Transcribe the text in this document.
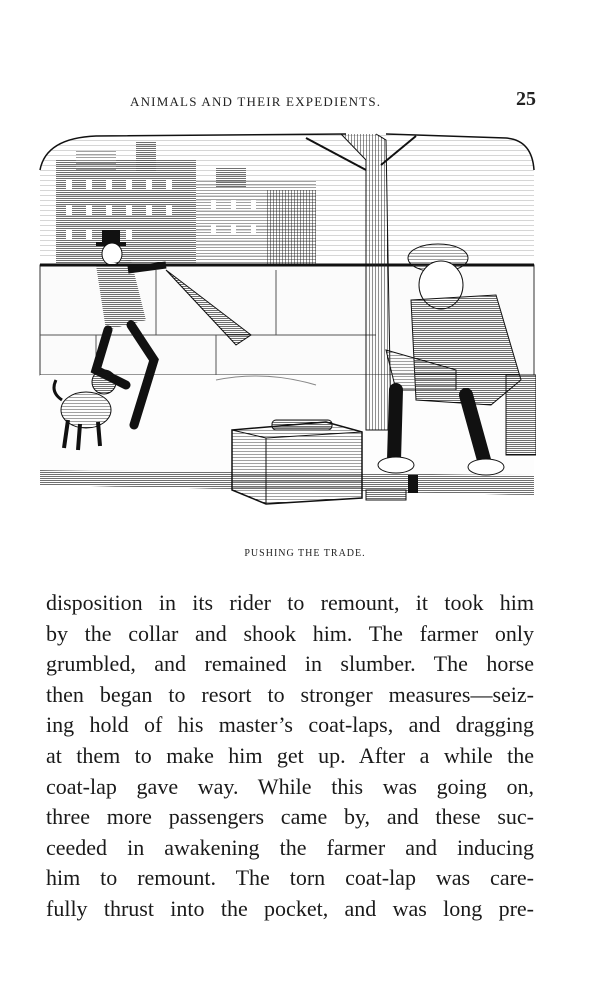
ANIMALS AND THEIR EXPEDIENTS.	25
PUSHING THE TRADE.
disposition in its rider to remount, it took him
by the collar and shook him. The farmer only
grumbled, and remained in slumber. The horse
then began to resort to stronger measures—seiz-
ing hold of his master’s coat-laps, and dragging
at them to make him get up. After a while the
coat-lap gave way. While this was going on,
three more passengers came by, and these suc-
ceeded in awakening the farmer and inducing
him to remount. The torn coat-lap was care-
fully thrust into the pocket, and was long pre-
